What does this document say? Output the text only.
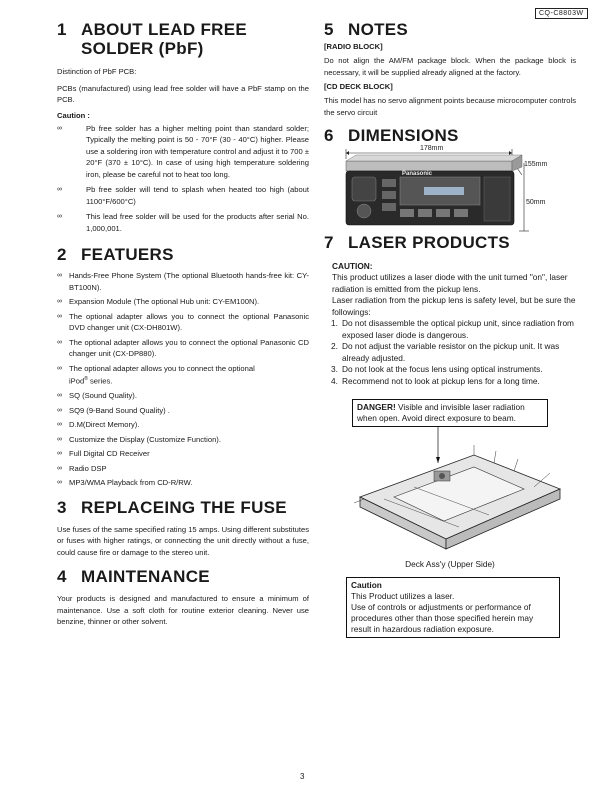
CQ-C8803W
1 ABOUT LEAD FREE
SOLDER (PbF)

Distinction of PbF PCB:

PCBs (manufactured) using lead free solder will have a PbF stamp on the PCB.

Caution :
∞	Pb free solder has a higher melting point than standard solder; Typically the melting point is 50 - 70°F (30 - 40°C) higher. Please use a soldering iron with temperature control and adjust it to 700 ± 20°F (370 ± 10°C). In case of using high temperature soldering iron, please be careful not to heat too long.
∞	Pb free solder will tend to splash when heated too high (about 1100°F/600°C)
∞	This lead free solder will be used for the products after serial No. 1,000,001.
2 FEATUERS
∞ Hands-Free Phone System (The optional Bluetooth hands-free kit: CY-BT100N).
∞ Expansion Module (The optional Hub unit: CY-EM100N).
∞ The optional adapter allows you to connect the optional Panasonic DVD changer unit (CX-DH801W).
∞ The optional adapter allows you to connect the optional Panasonic CD changer unit (CX-DP880).
∞ The optional adapter allows you to connect the optional
iPod® series.
∞ SQ (Sound Quality).
∞ SQ9 (9-Band Sound Quality) .
∞ D.M(Direct Memory).
∞ Customize the Display (Customize Function).
∞ Full Digital CD Receiver
∞ Radio DSP
∞ MP3/WMA Playback from CD-R/RW.
3 REPLACEING THE FUSE

Use fuses of the same specified rating 15 amps. Using different substitutes or fuses with higher ratings, or connecting the unit directly without a fuse, could cause fire or damage to the stereo unit.

4 MAINTENANCE

Your products is designed and manufactured to ensure a minimum of maintenance. Use a soft cloth for routine exterior cleaning. Never use benzine, thinner or other solvent.

5 NOTES
[RADIO BLOCK]

Do not align the AM/FM package block. When the package block is necessary, it will be supplied already aligned at the factory.

[CD DECK BLOCK]

This model has no servo alignment points because microcomputer controls the servo circuit

6 DIMENSIONS
178mm
155mm
50mm
Panasonic
7 LASER PRODUCTS
CAUTION:
This product utilizes a laser diode with the unit turned "on", laser radiation is emitted from the pickup lens.
Laser radiation from the pickup lens is safety level, but be sure the followings:
1. Do not disassemble the optical pickup unit, since radiation from exposed laser diode is dangerous.
2. Do not adjust the variable resistor on the pickup unit. It was already adjusted.
3. Do not look at the focus lens using optical instruments.
4. Recommend not to look at pickup lens for a long time.
DANGER! Visible and invisible laser radiation when open. Avoid direct exposure to beam.
Deck Ass'y (Upper Side)
Caution
This Product utilizes a laser.
Use of controls or adjustments or performance of procedures other than those specified herein may result in hazardous radiation exposure.
3
